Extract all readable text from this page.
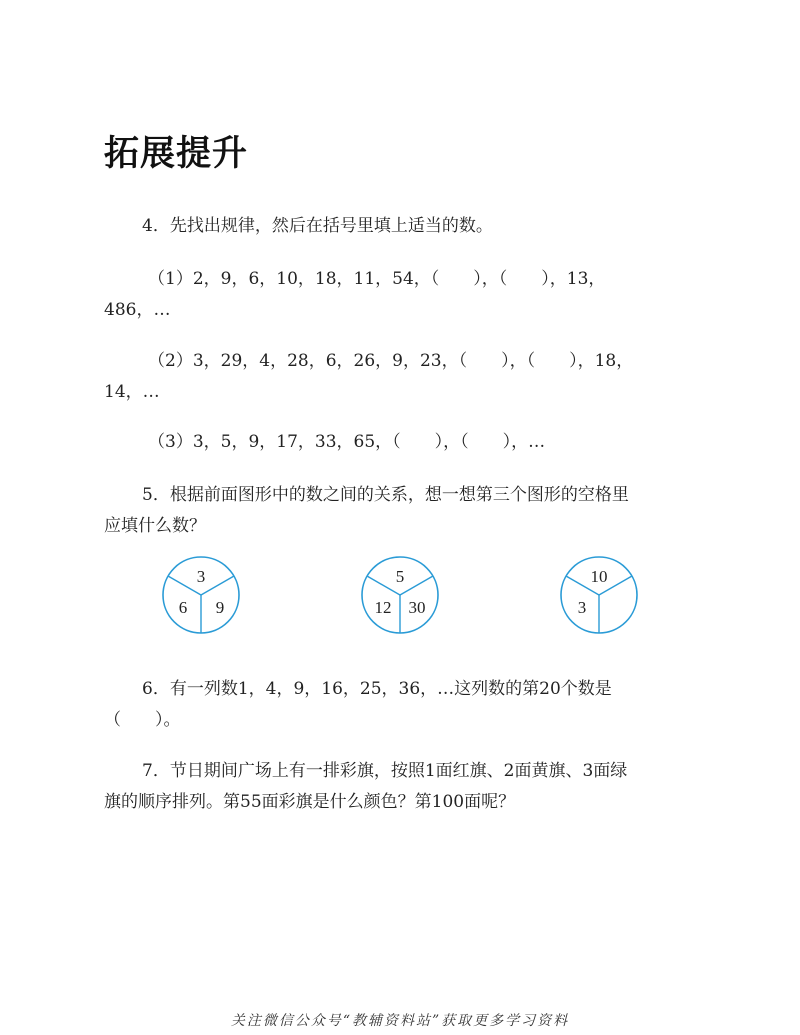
拓展提升
4．先找出规律，然后在括号里填上适当的数。
（1）2，9，6，10，18，11，54，（　　），（　　），13，
486，…
（2）3，29，4，28，6，26，9，23，（　　），（　　），18，
14，…
（3）3，5，9，17，33，65，（　　），（　　），…
5．根据前面图形中的数之间的关系，想一想第三个图形的空格里
应填什么数？
3
6	9
5
12	30
10
3
6．有一列数1，4，9，16，25，36，…这列数的第20个数是
（　　）。
7．节日期间广场上有一排彩旗，按照1面红旗、2面黄旗、3面绿
旗的顺序排列。第55面彩旗是什么颜色？第100面呢？
关注微信公众号“教辅资料站”获取更多学习资料
